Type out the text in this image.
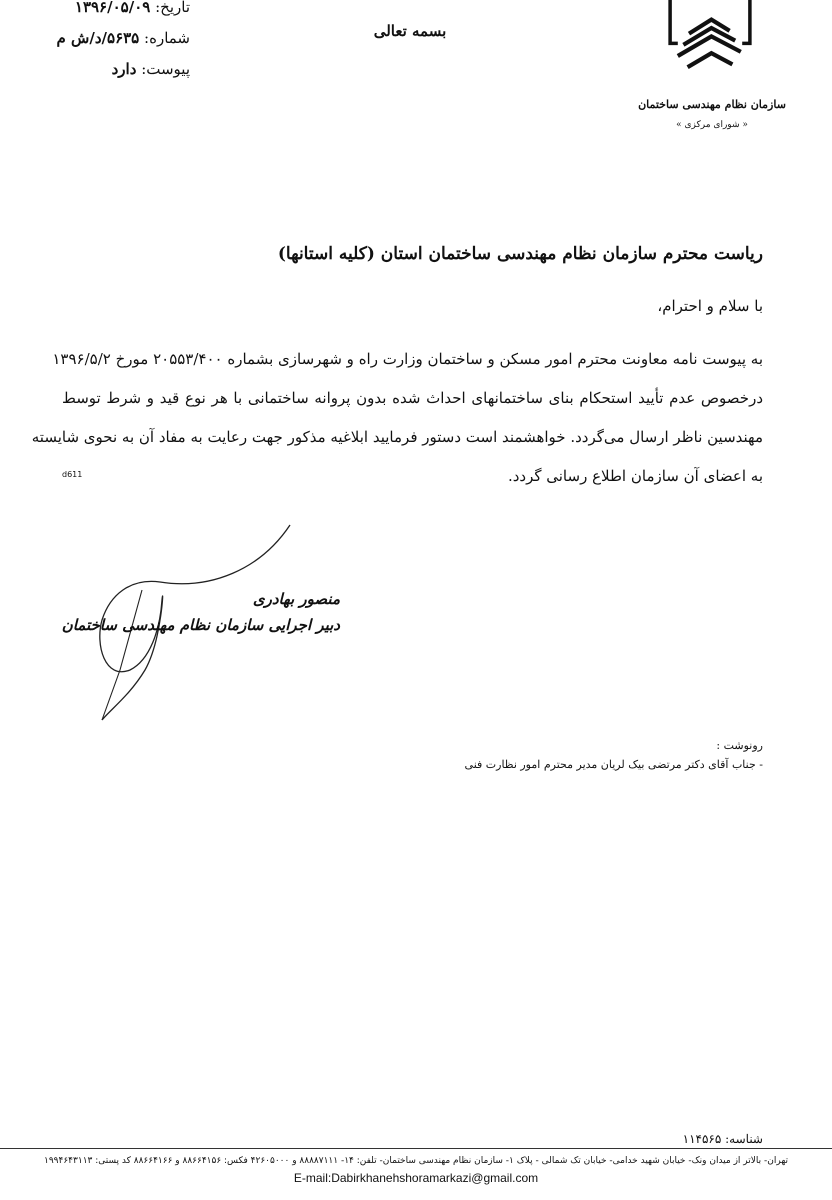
تاریخ: ۱۳۹۶/۰۵/۰۹
شماره: ۵۶۳۵/د/ش م
پیوست: دارد
بسمه تعالی
سازمان نظام مهندسی ساختمان
« شورای مرکزی »
ریاست محترم سازمان نظام مهندسی ساختمان استان (کلیه استانها)
با سلام و احترام،
به پیوست نامه معاونت محترم امور مسکن و ساختمان وزارت راه و شهرسازی بشماره ۲۰۵۵۳/۴۰۰ مورخ ۱۳۹۶/۵/۲
درخصوص عدم تأیید استحکام بنای ساختمانهای احداث شده بدون پروانه ساختمانی با هر نوع قید و شرط توسط
مهندسین ناظر ارسال می‌گردد. خواهشمند است دستور فرمایید ابلاغیه مذکور جهت رعایت به مفاد آن به نحوی شایسته
به اعضای آن سازمان اطلاع رسانی گردد.
d611
منصور بهادری
دبیر اجرایی سازمان نظام مهندسی ساختمان
رونوشت :
- جناب آقای دکتر مرتضی بیک لریان مدیر محترم امور نظارت فنی
شناسه: ۱۱۴۵۶۵
تهران- بالاتر از میدان ونک- خیابان شهید خدامی- خیابان تک شمالی - پلاک ۱- سازمان نظام مهندسی ساختمان- تلفن: ۱۴- ۸۸۸۸۷۱۱۱ و ۴۲۶۰۵۰۰۰ فکس: ۸۸۶۶۴۱۵۶ و ۸۸۶۶۴۱۶۶ کد پستی: ۱۹۹۴۶۴۳۱۱۳
E-mail:Dabirkhanehshoramarkazi@gmail.com
